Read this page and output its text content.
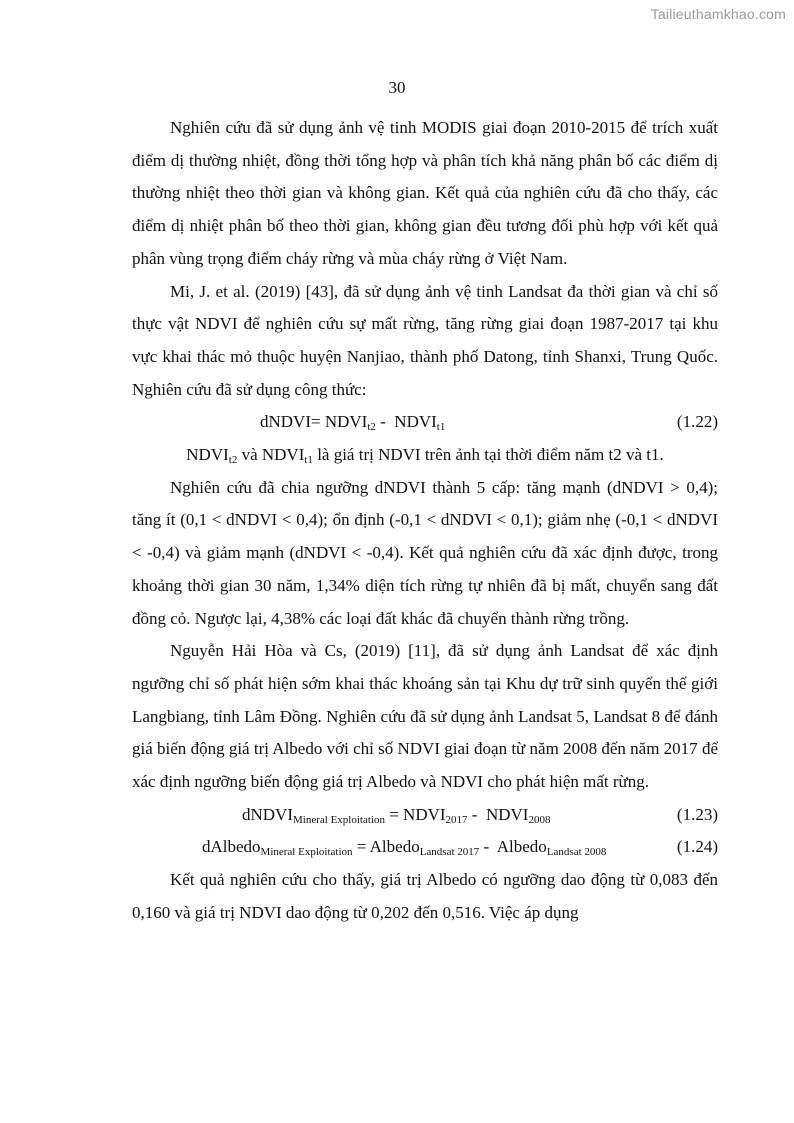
Tailieuthamkhao.com
30

Nghiên cứu đã sử dụng ảnh vệ tinh MODIS giai đoạn 2010-2015 để trích xuất điểm dị thường nhiệt, đồng thời tổng hợp và phân tích khả năng phân bố các điểm dị thường nhiệt theo thời gian và không gian. Kết quả của nghiên cứu đã cho thấy, các điểm dị nhiệt phân bố theo thời gian, không gian đều tương đối phù hợp với kết quả phân vùng trọng điểm cháy rừng và mùa cháy rừng ở Việt Nam.

Mi, J. et al. (2019) [43], đã sử dụng ảnh vệ tinh Landsat đa thời gian và chỉ số thực vật NDVI để nghiên cứu sự mất rừng, tăng rừng giai đoạn 1987-2017 tại khu vực khai thác mỏ thuộc huyện Nanjiao, thành phố Datong, tỉnh Shanxi, Trung Quốc. Nghiên cứu đã sử dụng công thức:

dNDVI= $NDVI_{t2}$ -  $NDVI_{t1}$	(1.22)

$NDVI_{t2}$ và $NDVI_{t1}$ là giá trị NDVI trên ảnh tại thời điểm năm t2 và t1.

Nghiên cứu đã chia ngưỡng dNDVI thành 5 cấp: tăng mạnh (dNDVI > 0,4); tăng ít (0,1 < dNDVI < 0,4); ổn định (-0,1 < dNDVI < 0,1); giảm nhẹ (-0,1 < dNDVI < -0,4) và giảm mạnh (dNDVI < -0,4). Kết quả nghiên cứu đã xác định được, trong khoảng thời gian 30 năm, 1,34% diện tích rừng tự nhiên đã bị mất, chuyển sang đất đồng cỏ. Ngược lại, 4,38% các loại đất khác đã chuyển thành rừng trồng.

Nguyễn Hải Hòa và Cs, (2019) [11], đã sử dụng ảnh Landsat để xác định ngưỡng chỉ số phát hiện sớm khai thác khoáng sản tại Khu dự trữ sinh quyển thế giới Langbiang, tỉnh Lâm Đồng. Nghiên cứu đã sử dụng ảnh Landsat 5, Landsat 8 để đánh giá biến động giá trị Albedo với chỉ số NDVI giai đoạn từ năm 2008 đến năm 2017 để xác định ngưỡng biến động giá trị Albedo và NDVI cho phát hiện mất rừng.

dNDVI$_{Mineral Exploitation}$ = $NDVI_{2017}$ -  $NDVI_{2008}$	(1.23)
dAlbedo$_{Mineral Exploitation}$ = Albedo$_{Landsat 2017}$ -  Albedo$_{Landsat 2008}$	(1.24)

Kết quả nghiên cứu cho thấy, giá trị Albedo có ngưỡng dao động từ 0,083 đến 0,160 và giá trị NDVI dao động từ 0,202 đến 0,516. Việc áp dụng
